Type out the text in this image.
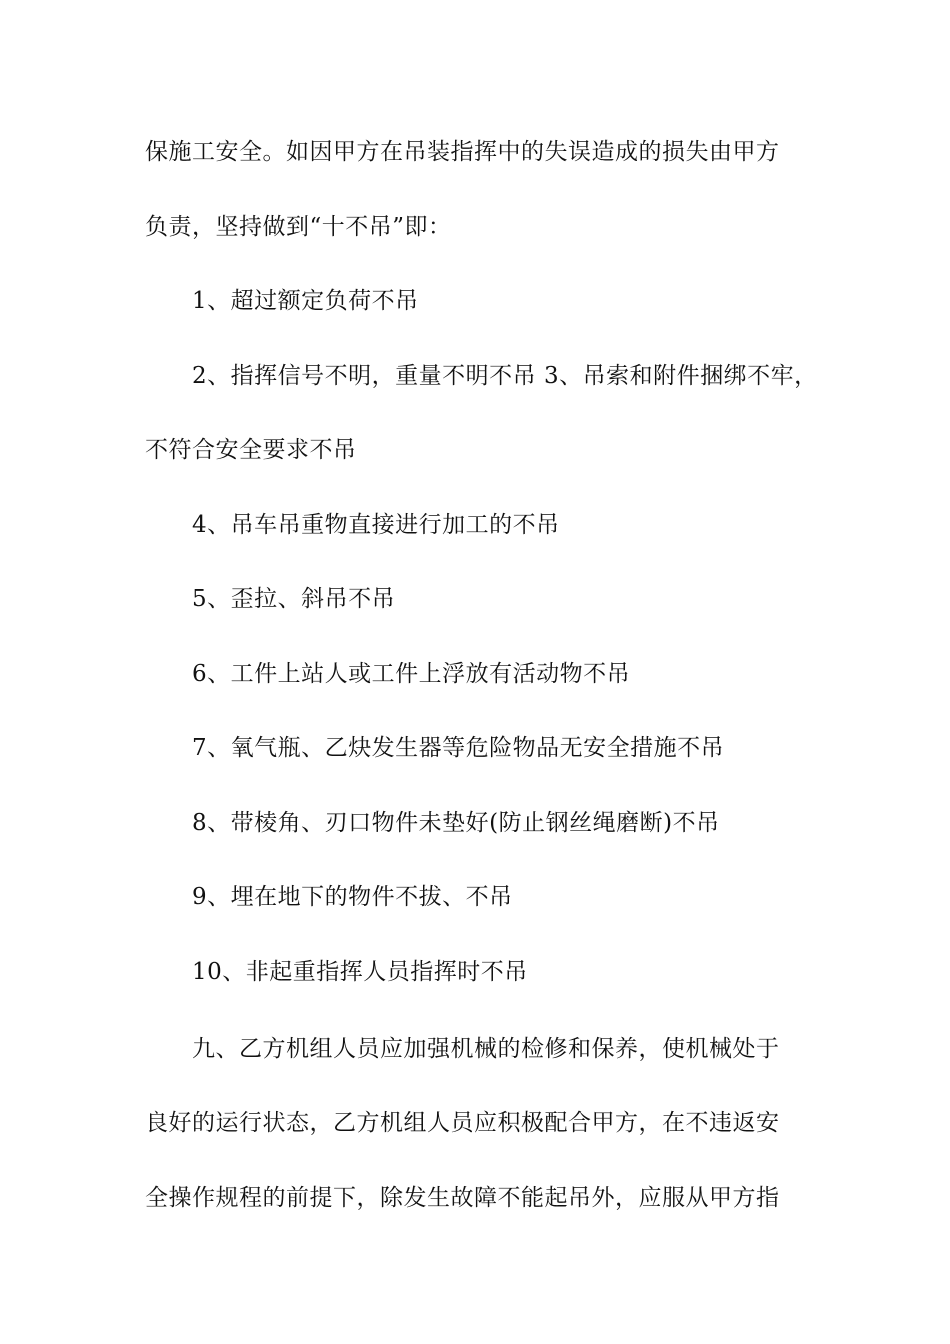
保施工安全。如因甲方在吊装指挥中的失误造成的损失由甲方
负责，坚持做到“十不吊”即：
1、超过额定负荷不吊
2、指挥信号不明，重量不明不吊 3、吊索和附件捆绑不牢，
不符合安全要求不吊
4、吊车吊重物直接进行加工的不吊
5、歪拉、斜吊不吊
6、工件上站人或工件上浮放有活动物不吊
7、氧气瓶、乙炔发生器等危险物品无安全措施不吊
8、带棱角、刃口物件未垫好(防止钢丝绳磨断)不吊
9、埋在地下的物件不拔、不吊
10、非起重指挥人员指挥时不吊
九、乙方机组人员应加强机械的检修和保养，使机械处于
良好的运行状态，乙方机组人员应积极配合甲方，在不违返安
全操作规程的前提下，除发生故障不能起吊外，应服从甲方指
